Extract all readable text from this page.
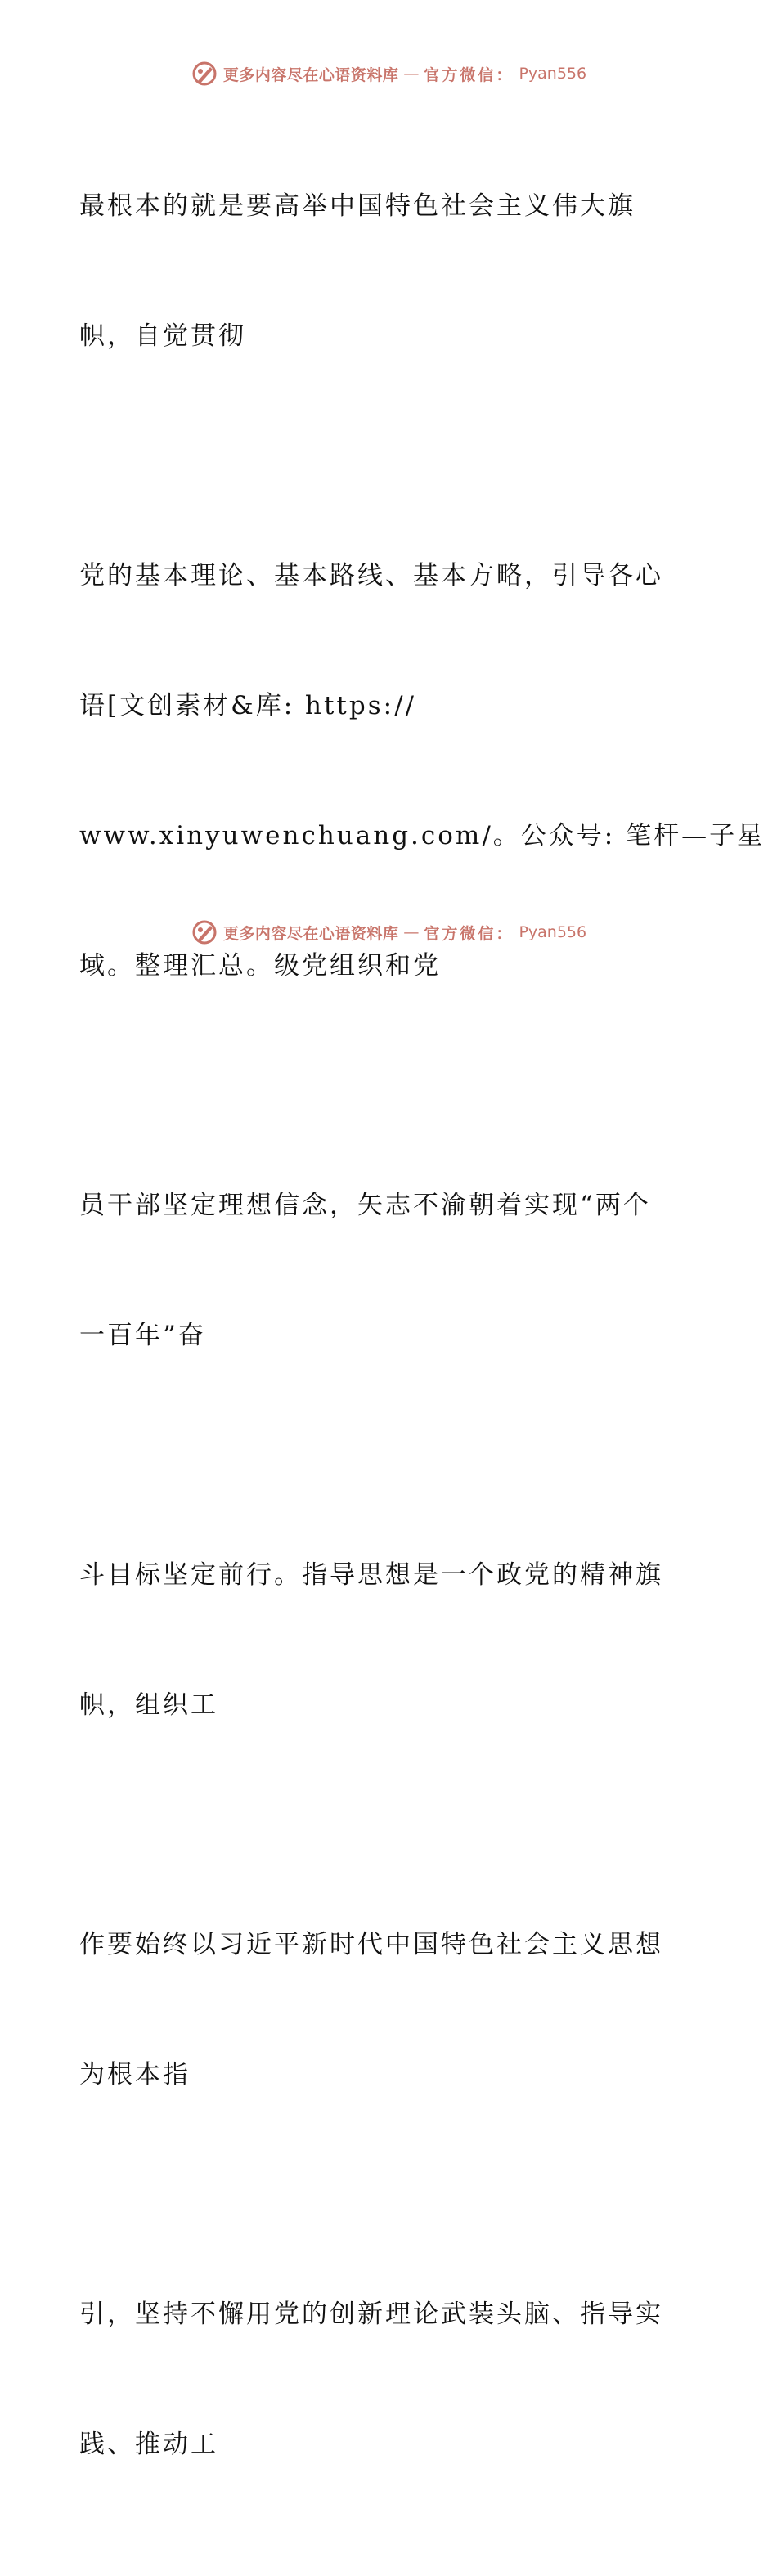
更多内容尽在心语资料库 — 官方微信： Pyan556

最根本的就是要高举中国特色社会主义伟大旗

帜，自觉贯彻

党的基本理论、基本路线、基本方略，引导各心

语[文创素材&库: https://

www.xinyuwenchuang.com/。公众号: 笔杆—子星

域。整理汇总。级党组织和党

员干部坚定理想信念，矢志不渝朝着实现“两个

一百年”奋

斗目标坚定前行。指导思想是一个政党的精神旗

帜，组织工

作要始终以习近平新时代中国特色社会主义思想

为根本指

引，坚持不懈用党的创新理论武装头脑、指导实

践、推动工

更多内容尽在心语资料库 — 官方微信： Pyan556
